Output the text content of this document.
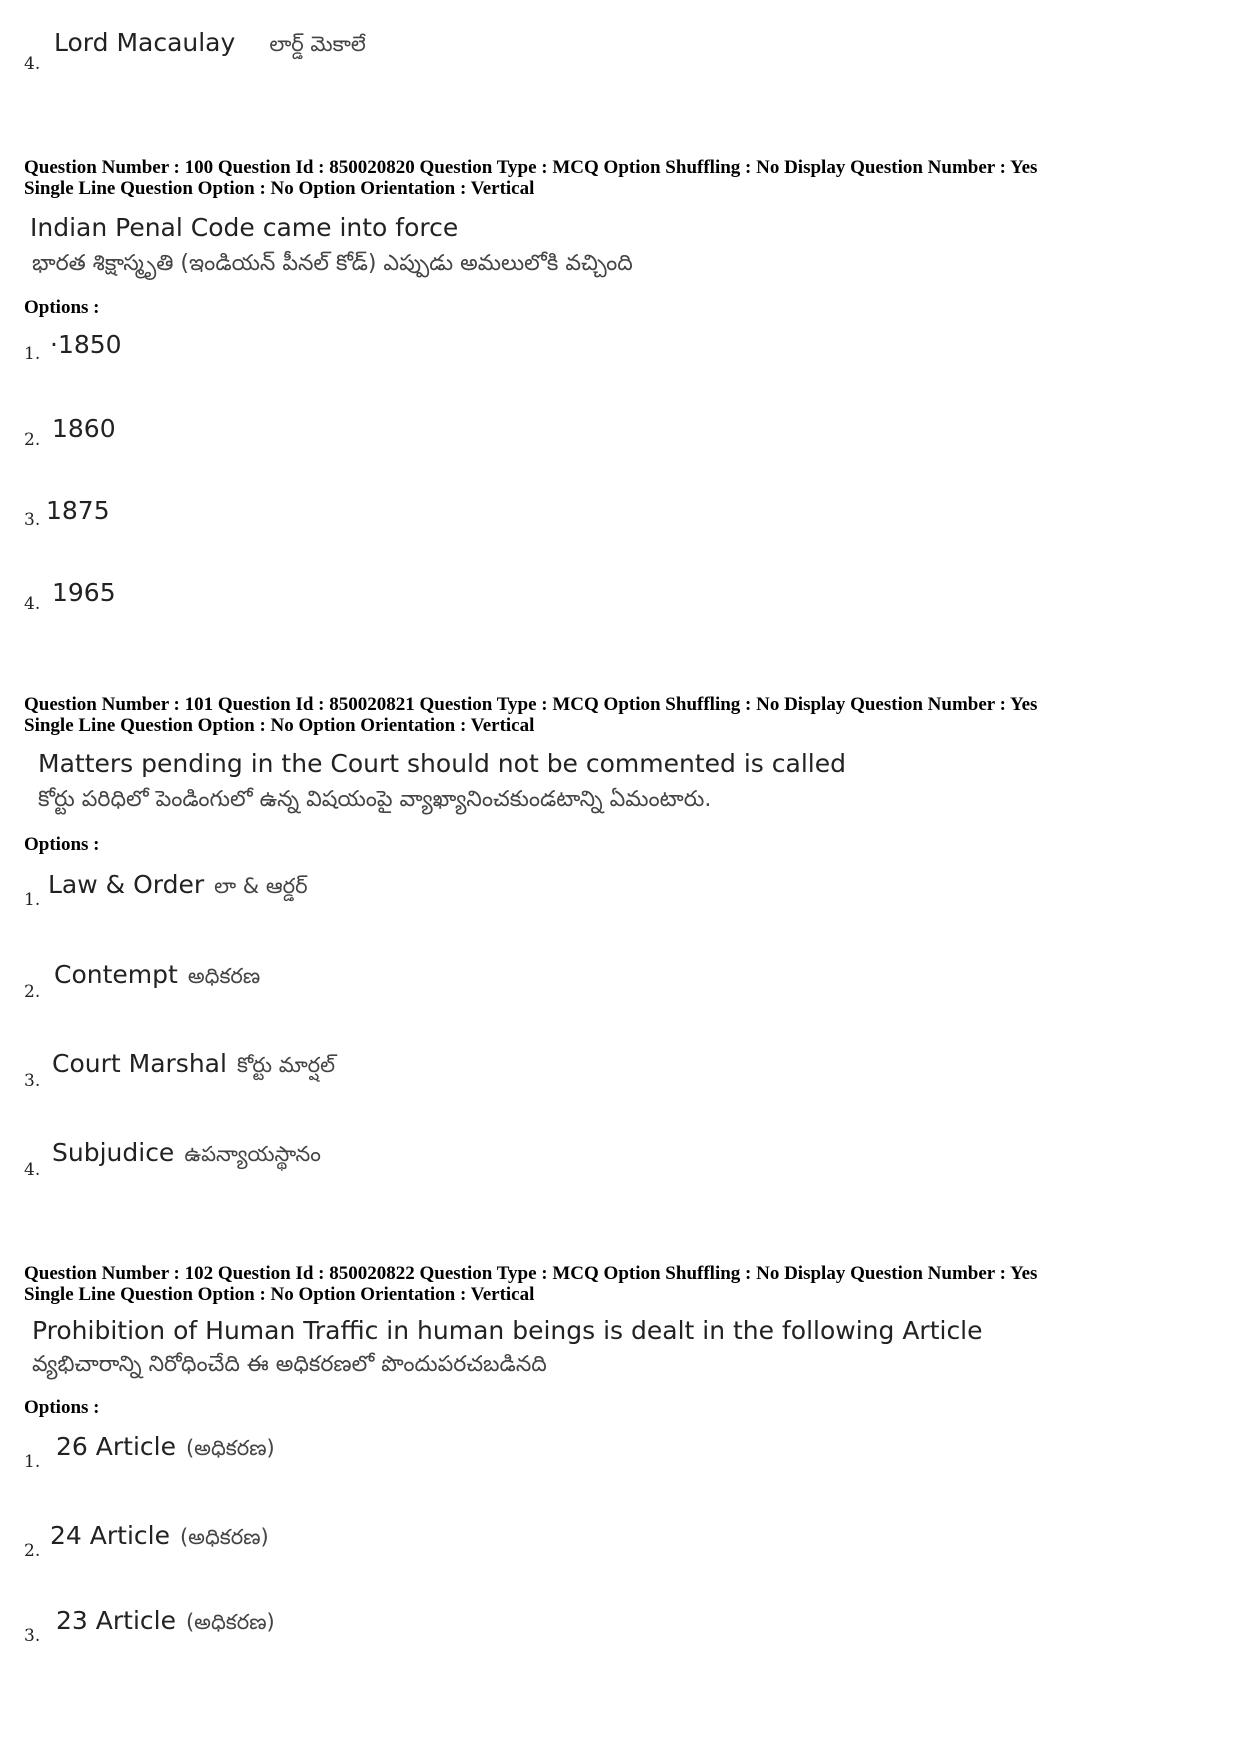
4.
Lord Macaulay లార్డ్ మెకాలే
Question Number : 100 Question Id : 850020820 Question Type : MCQ Option Shuffling : No Display Question Number : Yes
Single Line Question Option : No Option Orientation : Vertical
Indian Penal Code came into force
భారత శిక్షాస్మృతి (ఇండియన్ పీనల్ కోడ్) ఎప్పుడు అమలులోకి వచ్చింది
Options :
1. ·1850
2. 1860
3. 1875
4. 1965
Question Number : 101 Question Id : 850020821 Question Type : MCQ Option Shuffling : No Display Question Number : Yes
Single Line Question Option : No Option Orientation : Vertical
Matters pending in the Court should not be commented is called
కోర్టు పరిధిలో పెండింగులో ఉన్న విషయంపై వ్యాఖ్యానించకుండటాన్ని ఏమంటారు.
Options :
1.
Law & Order లా & ఆర్డర్
2.
Contempt అధికరణ
3.
Court Marshal కోర్టు మార్షల్
4.
Subjudice ఉపన్యాయస్థానం
Question Number : 102 Question Id : 850020822 Question Type : MCQ Option Shuffling : No Display Question Number : Yes
Single Line Question Option : No Option Orientation : Vertical
Prohibition of Human Traffic in human beings is dealt in the following Article
వ్యభిచారాన్ని నిరోధించేది ఈ అధికరణలో పొందుపరచబడినది
Options :
1.
26 Article (అధికరణ)
2.
24 Article (అధికరణ)
3.
23 Article (అధికరణ)
